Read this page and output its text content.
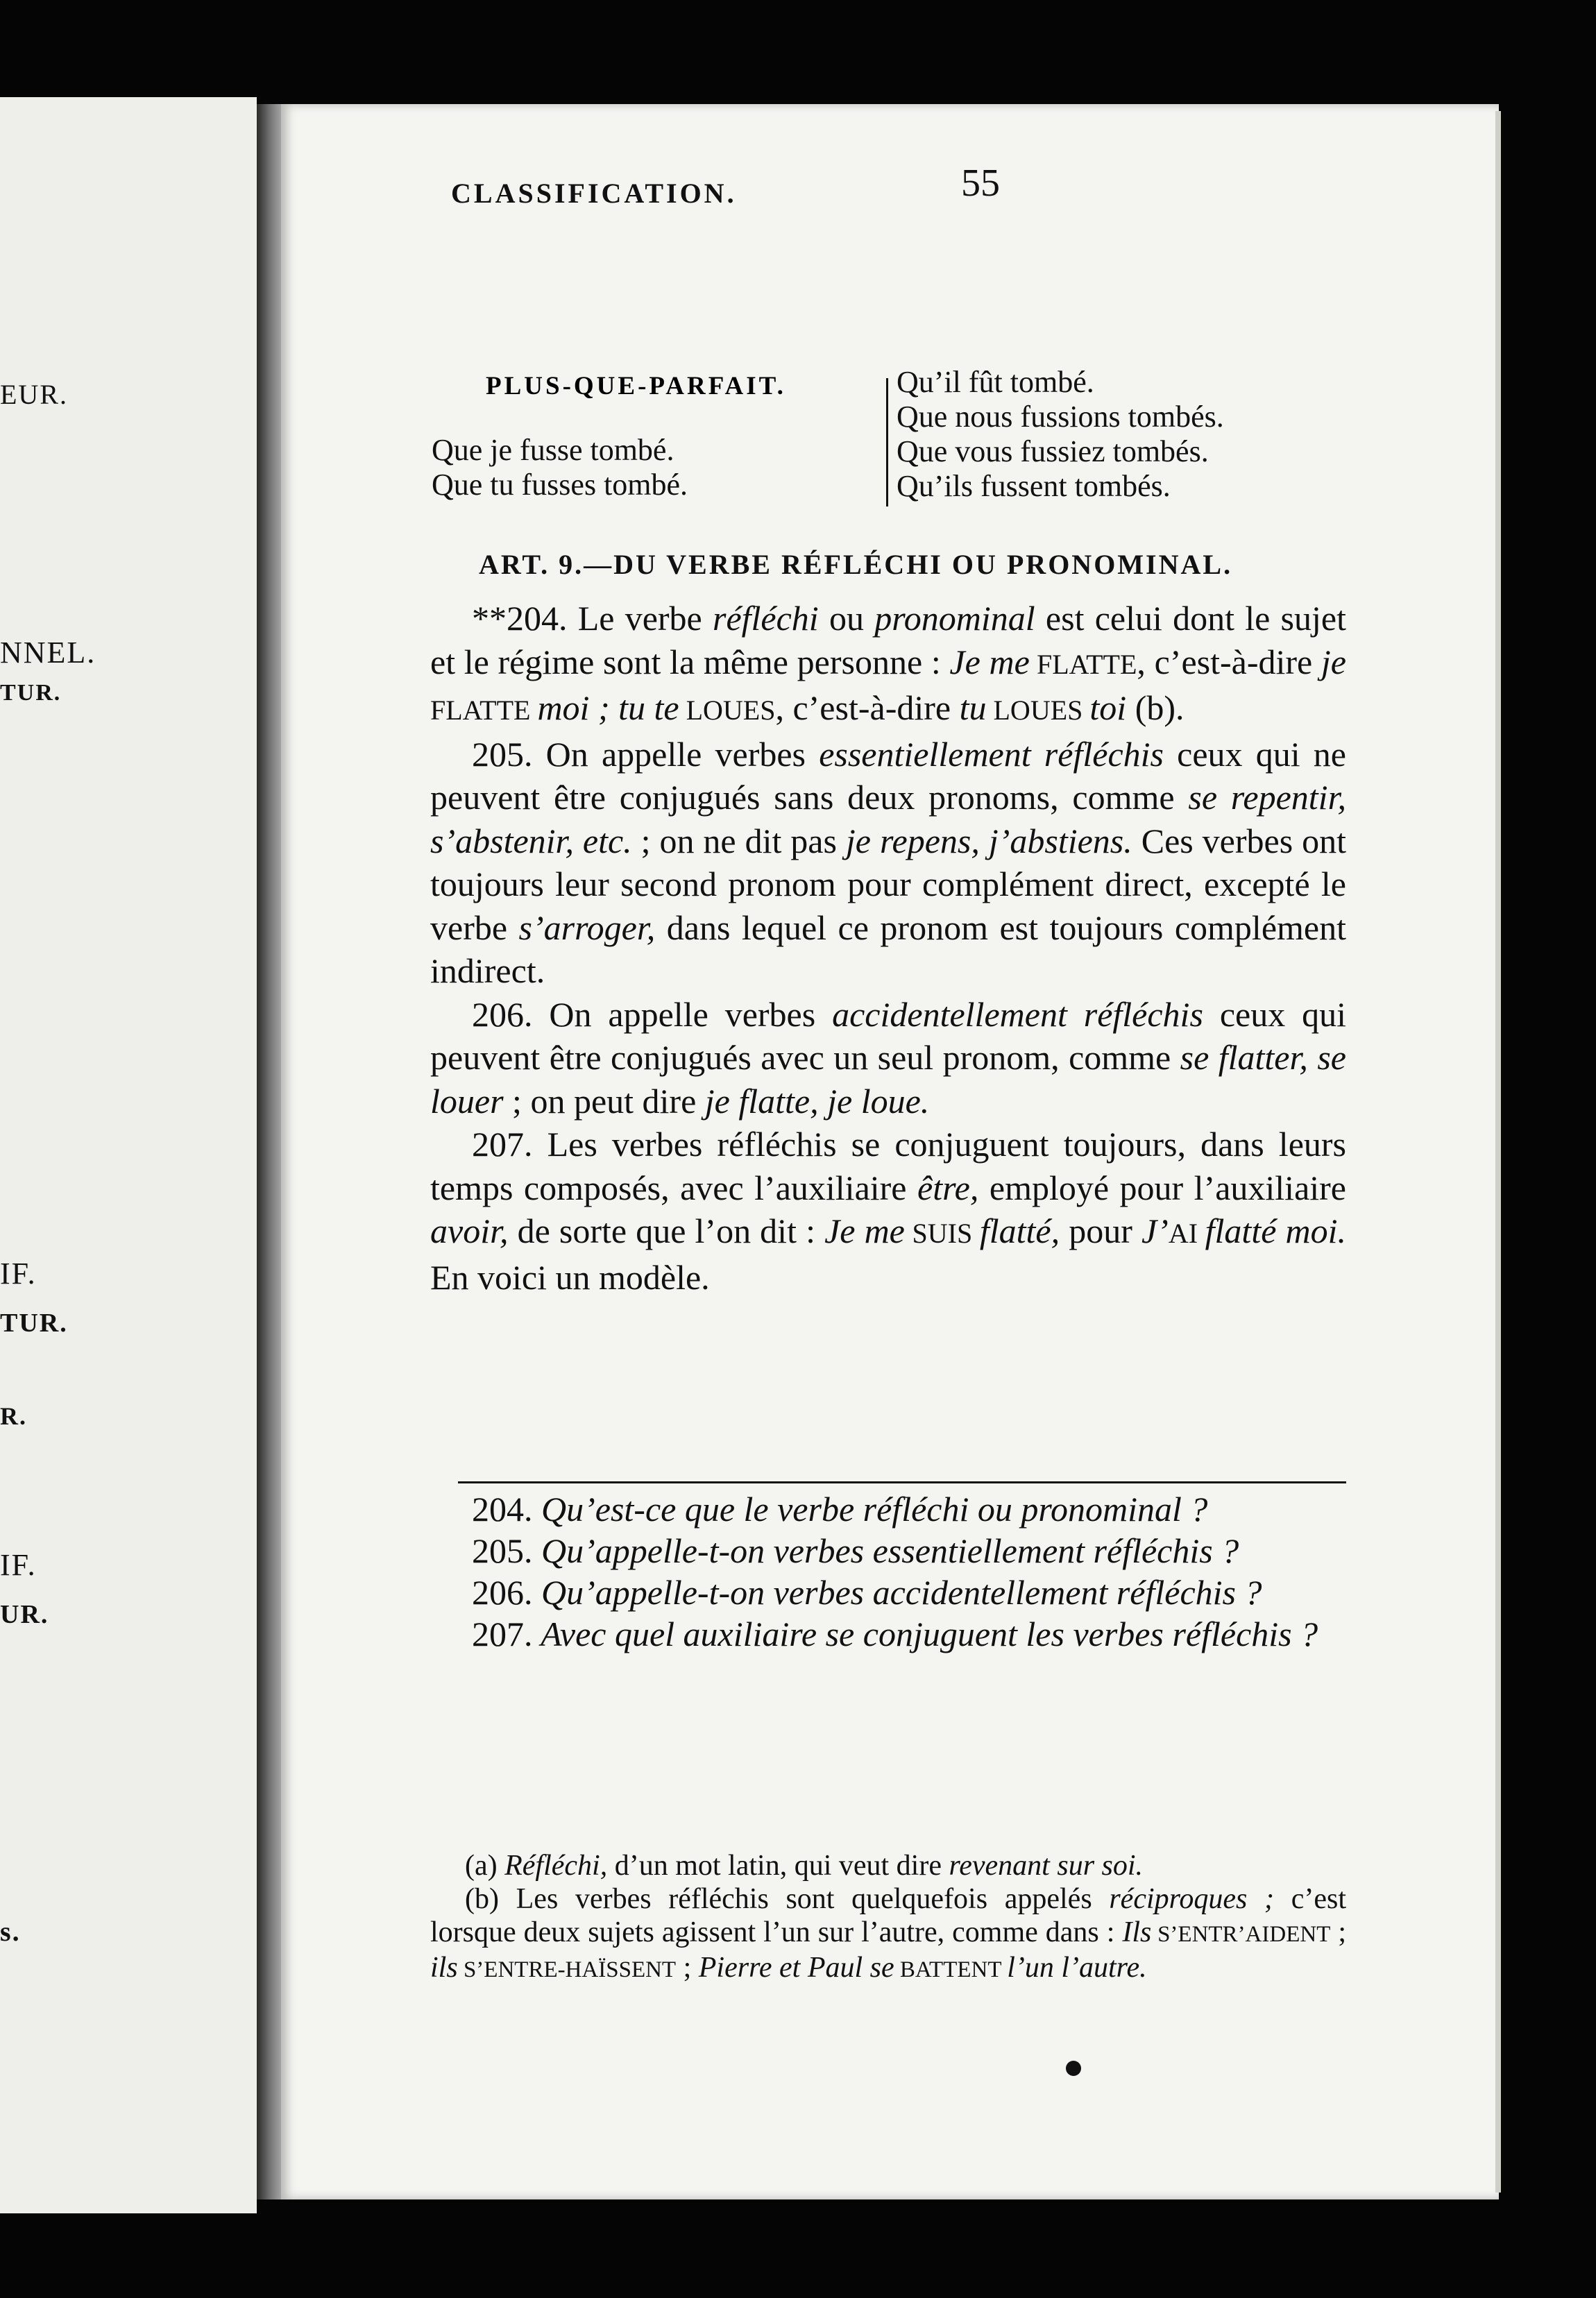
EUR.
NNEL.
TUR.
IF.
TUR.
R.
IF.
UR.
s.
CLASSIFICATION.	55
PLUS-QUE-PARFAIT.
Que je fusse tombé.
Que tu fusses tombé.
Qu’il fût tombé.
Que nous fussions tombés.
Que vous fussiez tombés.
Qu’ils fussent tombés.
ART. 9.—DU VERBE RÉFLÉCHI OU PRONOMINAL.

**204. Le verbe réfléchi ou pronominal est celui dont le sujet et le régime sont la même personne : Je me FLATTE, c’est-à-dire je FLATTE moi ; tu te LOUES, c’est-à-dire tu LOUES toi (b).

205. On appelle verbes essentiellement réfléchis ceux qui ne peuvent être conjugués sans deux pronoms, comme se repentir, s’abstenir, etc. ; on ne dit pas je repens, j’abstiens. Ces verbes ont toujours leur second pronom pour complément direct, excepté le verbe s’arroger, dans lequel ce pronom est toujours complément indirect.

206. On appelle verbes accidentellement réfléchis ceux qui peuvent être conjugués avec un seul pronom, comme se flatter, se louer ; on peut dire je flatte, je loue.

207. Les verbes réfléchis se conjuguent toujours, dans leurs temps composés, avec l’auxiliaire être, employé pour l’auxiliaire avoir, de sorte que l’on dit : Je me SUIS flatté, pour J’AI flatté moi. En voici un modèle.

204. Qu’est-ce que le verbe réfléchi ou pronominal ?

205. Qu’appelle-t-on verbes essentiellement réfléchis ?

206. Qu’appelle-t-on verbes accidentellement réfléchis ?

207. Avec quel auxiliaire se conjuguent les verbes réfléchis ?

(a) Réfléchi, d’un mot latin, qui veut dire revenant sur soi.

(b) Les verbes réfléchis sont quelquefois appelés réciproques ; c’est lorsque deux sujets agissent l’un sur l’autre, comme dans : Ils S’ENTR’AIDENT ; ils S’ENTRE-HAÏSSENT ; Pierre et Paul se BATTENT l’un l’autre.
